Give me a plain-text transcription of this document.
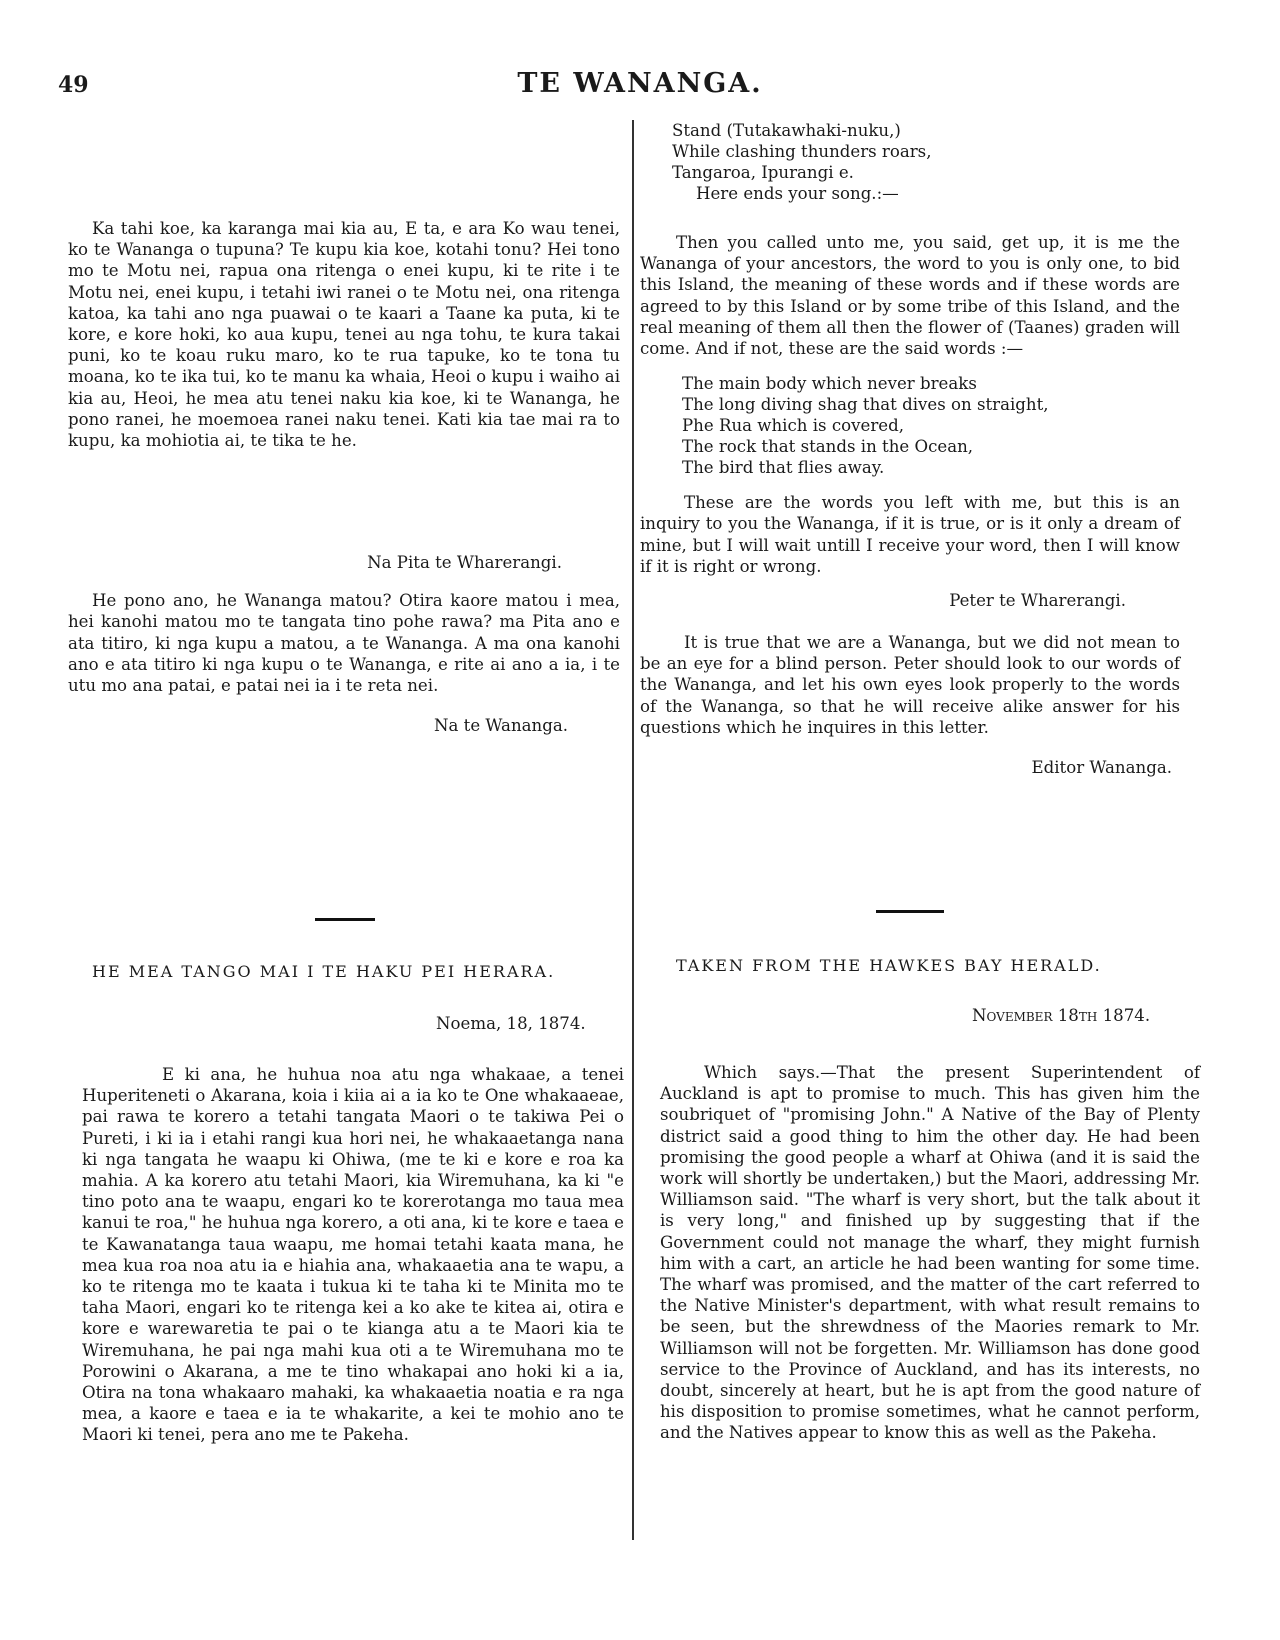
49	TE WANANGA.

Ka tahi koe, ka karanga mai kia au, E ta, e ara Ko wau tenei, ko te Wananga o tupuna? Te kupu kia koe, kotahi tonu? Hei tono mo te Motu nei, rapua ona ritenga o enei kupu, ki te rite i te Motu nei, enei kupu, i tetahi iwi ranei o te Motu nei, ona ritenga katoa, ka tahi ano nga puawai o te kaari a Taane ka puta, ki te kore, e kore hoki, ko aua kupu, tenei au nga tohu, te kura takai puni, ko te koau ruku maro, ko te rua tapuke, ko te tona tu moana, ko te ika tui, ko te manu ka whaia, Heoi o kupu i waiho ai kia au, Heoi, he mea atu tenei naku kia koe, ki te Wananga, he pono ranei, he moemoea ranei naku tenei. Kati kia tae mai ra to kupu, ka mohiotia ai, te tika te he.

Na Pita te Wharerangi.

He pono ano, he Wananga matou? Otira kaore matou i mea, hei kanohi matou mo te tangata tino pohe rawa? ma Pita ano e ata titiro, ki nga kupu a matou, a te Wananga. A ma ona kanohi ano e ata titiro ki nga kupu o te Wananga, e rite ai ano a ia, i te utu mo ana patai, e patai nei ia i te reta nei.

Na te Wananga.

HE MEA TANGO MAI I TE HAKU PEI HERARA.
Noema, 18, 1874.

E ki ana, he huhua noa atu nga whakaae, a tenei Huperiteneti o Akarana, koia i kiia ai a ia ko te One whakaaeae, pai rawa te korero a tetahi tangata Maori o te takiwa Pei o Pureti, i ki ia i etahi rangi kua hori nei, he whakaaetanga nana ki nga tangata he waapu ki Ohiwa, (me te ki e kore e roa ka mahia. A ka korero atu tetahi Maori, kia Wiremuhana, ka ki "e tino poto ana te waapu, engari ko te korerotanga mo taua mea kanui te roa," he huhua nga korero, a oti ana, ki te kore e taea e te Kawanatanga taua waapu, me homai tetahi kaata mana, he mea kua roa noa atu ia e hiahia ana, whakaaetia ana te wapu, a ko te ritenga mo te kaata i tukua ki te taha ki te Minita mo te taha Maori, engari ko te ritenga kei a ko ake te kitea ai, otira e kore e warewaretia te pai o te kianga atu a te Maori kia te Wiremuhana, he pai nga mahi kua oti a te Wiremuhana mo te Porowini o Akarana, a me te tino whakapai ano hoki ki a ia, Otira na tona whakaaro mahaki, ka whakaaetia noatia e ra nga mea, a kaore e taea e ia te whakarite, a kei te mohio ano te Maori ki tenei, pera ano me te Pakeha.

Stand (Tutakawhaki-nuku,)
While clashing thunders roars,
Tangaroa, Ipurangi e.
Here ends your song.:—

Then you called unto me, you said, get up, it is me the Wananga of your ancestors, the word to you is only one, to bid this Island, the meaning of these words and if these words are agreed to by this Island or by some tribe of this Island, and the real meaning of them all then the flower of (Taanes) graden will come. And if not, these are the said words :—

The main body which never breaks
The long diving shag that dives on straight,
Phe Rua which is covered,
The rock that stands in the Ocean,
The bird that flies away.

These are the words you left with me, but this is an inquiry to you the Wananga, if it is true, or is it only a dream of mine, but I will wait untill I receive your word, then I will know if it is right or wrong.

Peter te Wharerangi.

It is true that we are a Wananga, but we did not mean to be an eye for a blind person. Peter should look to our words of the Wananga, and let his own eyes look properly to the words of the Wananga, so that he will receive alike answer for his questions which he inquires in this letter.

Editor Wananga.

TAKEN FROM THE HAWKES BAY HERALD.
November 18th 1874.

Which says.—That the present Superintendent of Auckland is apt to promise to much. This has given him the soubriquet of "promising John." A Native of the Bay of Plenty district said a good thing to him the other day. He had been promising the good people a wharf at Ohiwa (and it is said the work will shortly be undertaken,) but the Maori, addressing Mr. Williamson said. "The wharf is very short, but the talk about it is very long," and finished up by suggesting that if the Government could not manage the wharf, they might furnish him with a cart, an article he had been wanting for some time. The wharf was promised, and the matter of the cart referred to the Native Minister's department, with what result remains to be seen, but the shrewdness of the Maories remark to Mr. Williamson will not be forgetten. Mr. Williamson has done good service to the Province of Auckland, and has its interests, no doubt, sincerely at heart, but he is apt from the good nature of his disposition to promise sometimes, what he cannot perform, and the Natives appear to know this as well as the Pakeha.
